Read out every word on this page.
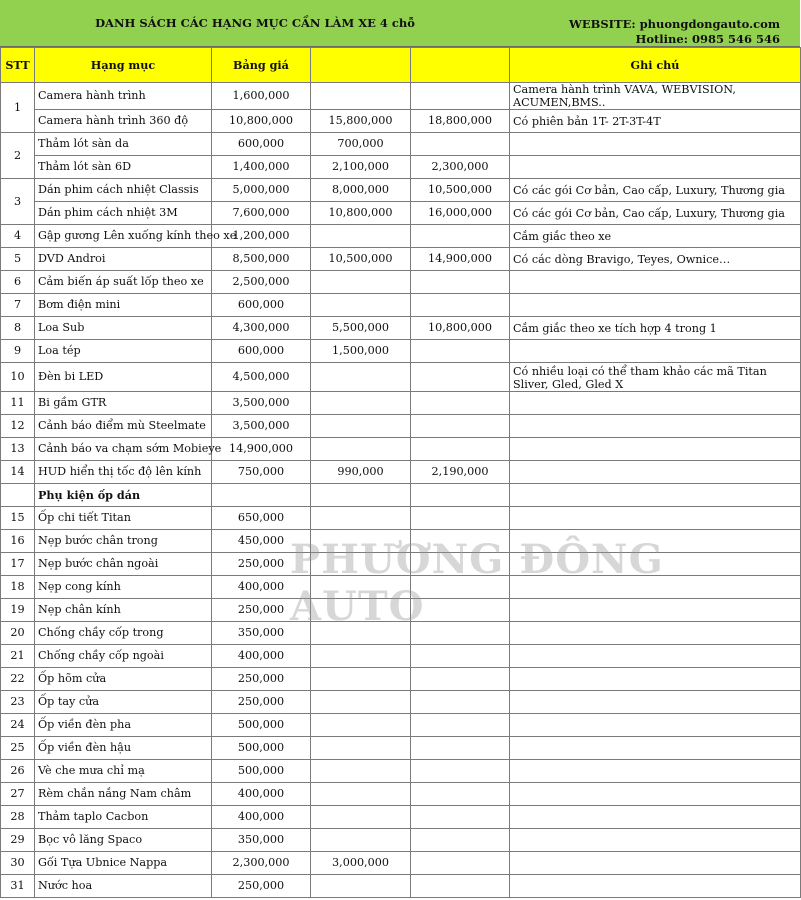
DANH SÁCH CÁC HẠNG MỤC CẦN LÀM XE 4 chỗ	WEBSITE: phuongdongauto.com
Hotline: 0985 546 546
STT	Hạng mục	Bảng giá			Ghi chú
1	Camera hành trình	1,600,000			Camera hành trình VAVA, WEBVISION, ACUMEN,BMS..
	Camera hành trình 360 độ	10,800,000	15,800,000	18,800,000	Có phiên bản 1T- 2T-3T-4T
2	Thảm lót sàn da	600,000	700,000		
	Thảm lót sàn 6D	1,400,000	2,100,000	2,300,000	
3	Dán phim cách nhiệt Classis	5,000,000	8,000,000	10,500,000	Có các gói Cơ bản, Cao cấp, Luxury, Thương gia
	Dán phim cách nhiệt 3M	7,600,000	10,800,000	16,000,000	Có các gói Cơ bản, Cao cấp, Luxury, Thương gia
4	Gập gương Lên xuống kính theo xe	1,200,000			Cắm giắc theo xe
5	DVD Androi	8,500,000	10,500,000	14,900,000	Có các dòng Bravigo, Teyes, Ownice…
6	Cảm biến áp suất lốp theo xe	2,500,000			
7	Bơm điện mini	600,000			
8	Loa Sub	4,300,000	5,500,000	10,800,000	Cắm giắc theo xe tích hợp 4 trong 1
9	Loa tép	600,000	1,500,000		
10	Đèn bi LED	4,500,000			Có nhiều loại có thể tham khảo các mã Titan Sliver, Gled, Gled X
11	Bi gầm GTR	3,500,000			
12	Cảnh báo điểm mù Steelmate	3,500,000			
13	Cảnh báo va chạm sớm Mobieye	14,900,000			
14	HUD hiển thị tốc độ lên kính	750,000	990,000	2,190,000	
	Phụ kiện ốp dán				
15	Ốp chi tiết Titan	650,000			
16	Nẹp bước chân trong	450,000			
17	Nẹp bước chân ngoài	250,000			
18	Nẹp cong kính	400,000			
19	Nẹp chân kính	250,000			
20	Chống chầy cốp trong	350,000			
21	Chống chầy cốp ngoài	400,000			
22	Ốp hõm cửa	250,000			
23	Ốp tay cửa	250,000			
24	Ốp viền đèn pha	500,000			
25	Ốp viền đèn hậu	500,000			
26	Vè che mưa chỉ mạ	500,000			
27	Rèm chắn nắng Nam châm	400,000			
28	Thảm taplo Cacbon	400,000			
29	Bọc vô lăng Spaco	350,000			
30	Gối Tựa Ubnice Nappa	2,300,000	3,000,000		
31	Nước hoa	250,000			
PHƯƠNG ĐÔNG AUTO
